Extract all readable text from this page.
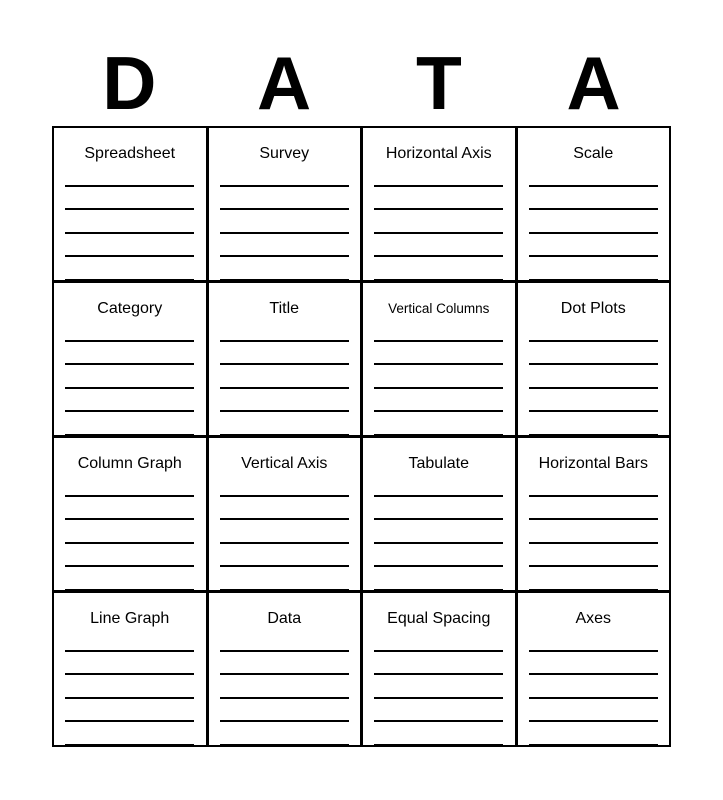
D	A	T	A
Spreadsheet	Survey	Horizontal Axis	Scale
Category	Title	Vertical Columns	Dot Plots
Column Graph	Vertical Axis	Tabulate	Horizontal Bars
Line Graph	Data	Equal Spacing	Axes
